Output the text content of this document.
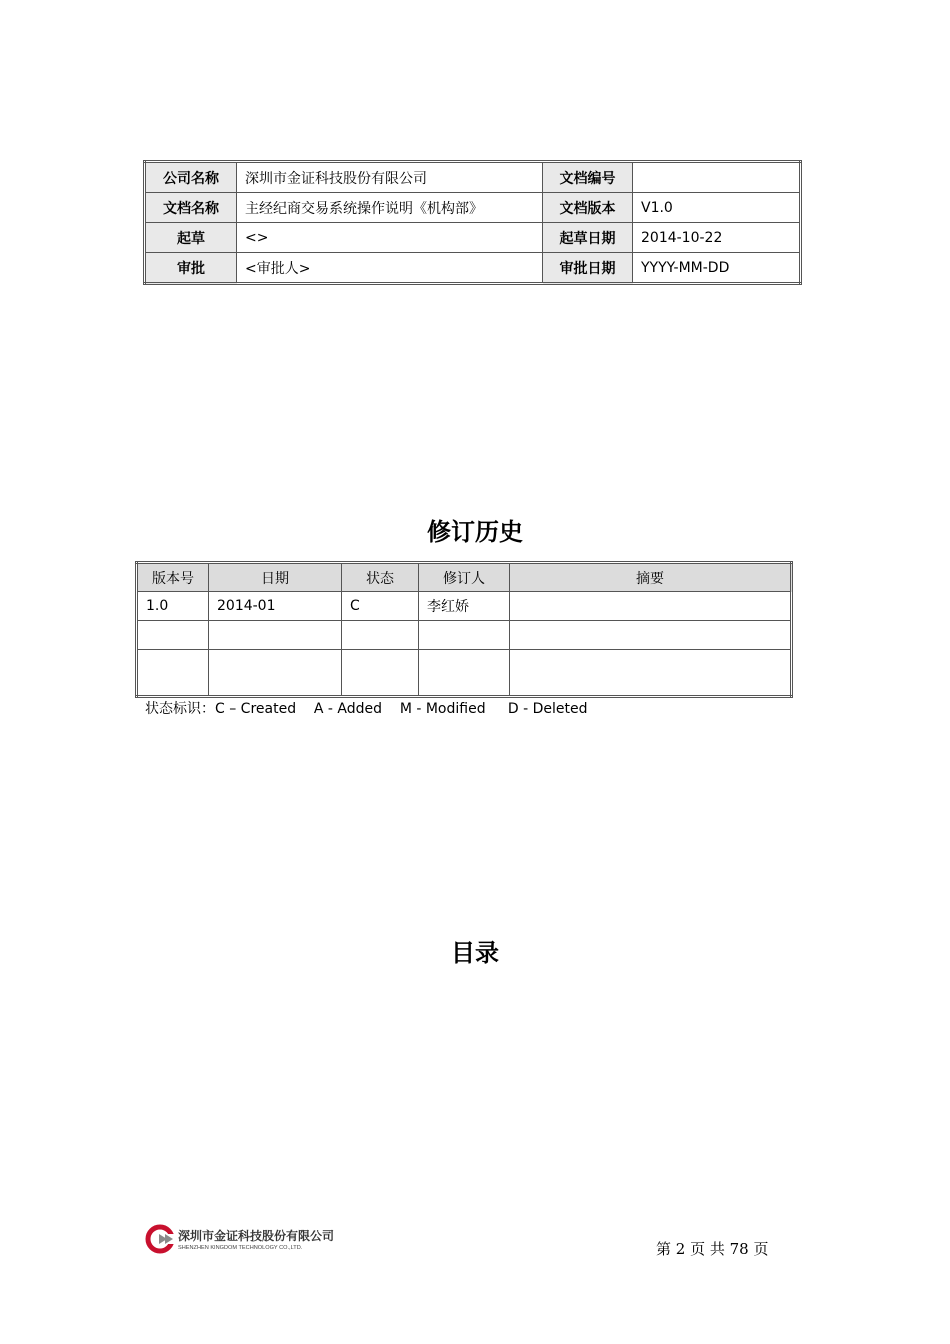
公司名称	深圳市金证科技股份有限公司	文档编号	
文档名称	主经纪商交易系统操作说明《机构部》	文档版本	V1.0
起草	<>	起草日期	2014-10-22
审批	<审批人>	审批日期	YYYY-MM-DD
修订历史
版本号	日期	状态	修订人	摘要
1.0	2014-01	C	李红娇	

状态标识：C – Created    A - Added    M - Modified     D - Deleted
目录
深圳市金证科技股份有限公司
SHENZHEN KINGDOM TECHNOLOGY CO.,LTD.	第 2 页 共 78 页
